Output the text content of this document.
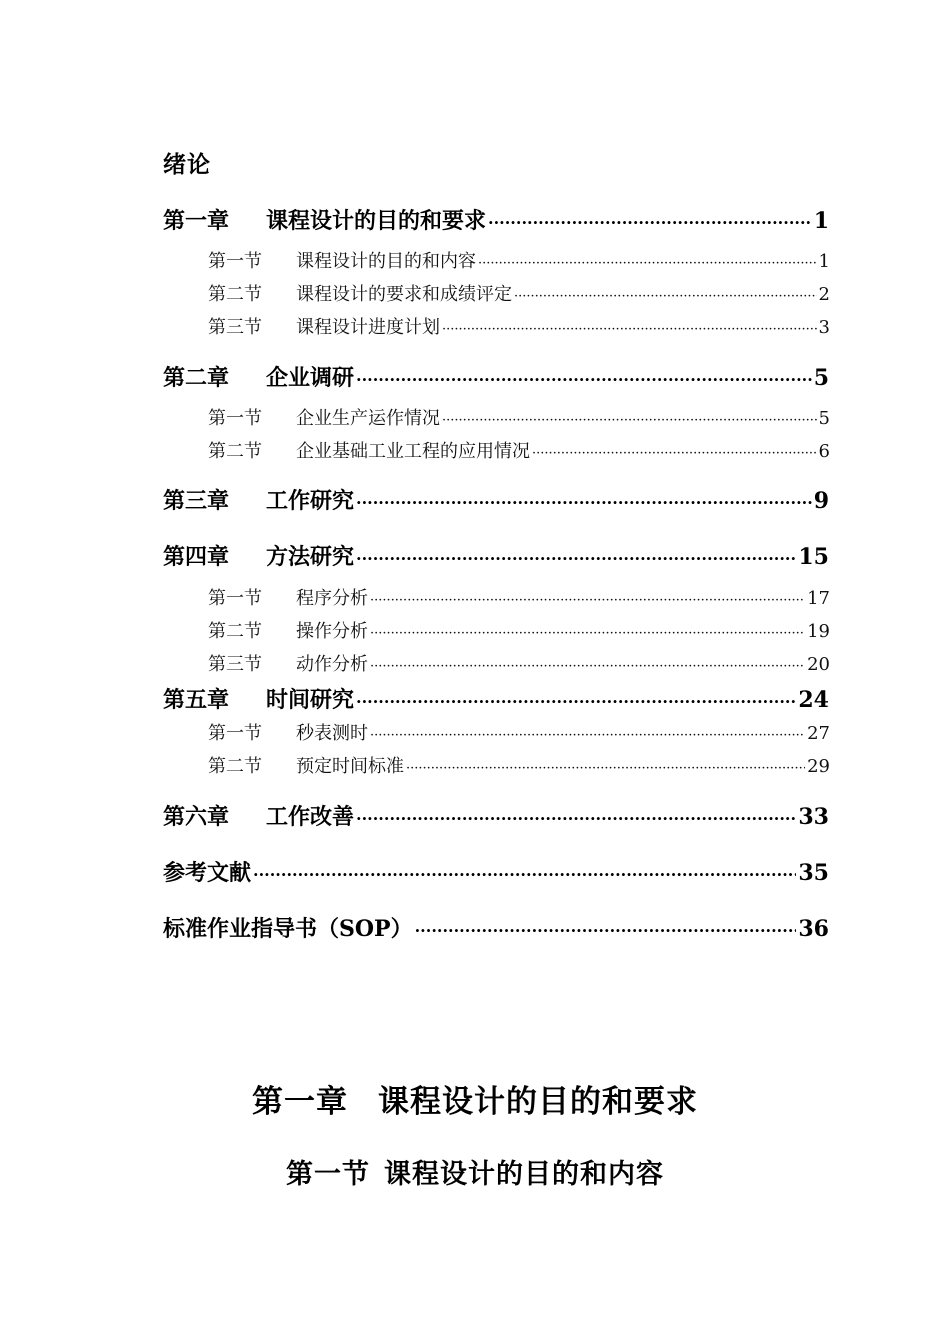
绪论
第一章 课程设计的目的和要求 ·····	1
第一节 课程设计的目的和内容 ·····	1
第二节 课程设计的要求和成绩评定 ·····	2
第三节 课程设计进度计划 ·····	3
第二章 企业调研 ·····	5
第一节 企业生产运作情况 ·····	5
第二节 企业基础工业工程的应用情况 ·····	6
第三章 工作研究 ·····	9
第四章 方法研究 ·····	15
第一节 程序分析 ·····	17
第二节 操作分析 ·····	19
第三节 动作分析 ·····	20
第五章 时间研究 ·····	24
第一节 秒表测时 ·····	27
第二节 预定时间标准 ·····	29
第六章 工作改善 ·····	33
参考文献 ·····	35
标准作业指导书（SOP） ·····	36
第一章 课程设计的目的和要求
第一节 课程设计的目的和内容
